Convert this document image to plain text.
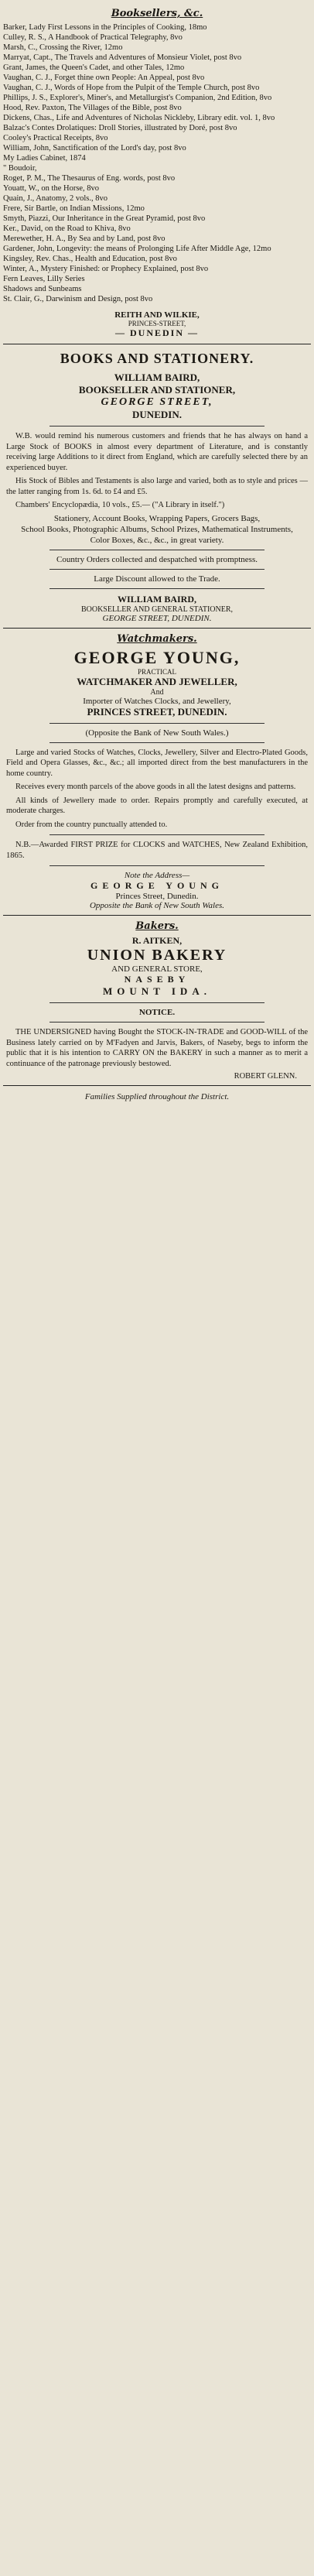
Booksellers, &c.
Barker, Lady First Lessons in the Principles of Cooking, 18mo
Culley, R. S., A Handbook of Practical Telegraphy, 8vo
Marsh, C., Crossing the River, 12mo
Marryat, Capt., The Travels and Adventures of Monsieur Violet, post 8vo
Grant, James, the Queen's Cadet, and other Tales, 12mo
Vaughan, C. J., Forget thine own People: An Appeal, post 8vo
Vaughan, C. J., Words of Hope from the Pulpit of the Temple Church, post 8vo
Phillips, J. S., Explorer's, Miner's, and Metallurgist's Companion, 2nd Edition, 8vo
Hood, Rev. Paxton, The Villages of the Bible, post 8vo
Dickens, Chas., Life and Adventures of Nicholas Nickleby, Library edit. vol. 1, 8vo
Balzac's Contes Drolatiques: Droll Stories, illustrated by Doré, post 8vo
Cooley's Practical Receipts, 8vo
William, John, Sanctification of the Lord's day, post 8vo
My Ladies Cabinet, 1874
" Boudoir,
Roget, P. M., The Thesaurus of Eng. words, post 8vo
Youatt, W., on the Horse, 8vo
Quain, J., Anatomy, 2 vols., 8vo
Frere, Sir Bartle, on Indian Missions, 12mo
Smyth, Piazzi, Our Inheritance in the Great Pyramid, post 8vo
Ker., David, on the Road to Khiva, 8vo
Merewether, H. A., By Sea and by Land, post 8vo
Gardener, John, Longevity: the means of Prolonging Life After Middle Age, 12mo
Kingsley, Rev. Chas., Health and Education, post 8vo
Winter, A., Mystery Finished: or Prophecy Explained, post 8vo
Fern Leaves, Lilly Series
Shadows and Sunbeams
St. Clair, G., Darwinism and Design, post 8vo
REITH AND WILKIE,
PRINCES-STREET,
— DUNEDIN —
BOOKS AND STATIONERY.
WILLIAM BAIRD,
BOOKSELLER AND STATIONER,
GEORGE STREET,
DUNEDIN.

W.B. would remind his numerous customers and friends that he has always on hand a Large Stock of BOOKS in almost every department of Literature, and is constantly receiving large Additions to it direct from England, which are carefully selected there by an experienced buyer.

His Stock of Bibles and Testaments is also large and varied, both as to style and prices —the latter ranging from 1s. 6d. to £4 and £5.

Chambers' Encyclopædia, 10 vols., £5.— ("A Library in itself.")

Stationery, Account Books, Wrapping Papers, Grocers Bags,

School Books, Photographic Albums, School Prizes, Mathematical Instruments,

Color Boxes, &c., &c., in great variety.

Country Orders collected and despatched with promptness.

Large Discount allowed to the Trade.

WILLIAM BAIRD,
BOOKSELLER AND GENERAL STATIONER,
GEORGE STREET, DUNEDIN.
Watchmakers.
GEORGE YOUNG,
PRACTICAL
WATCHMAKER AND JEWELLER,
And
Importer of Watches Clocks, and Jewellery,
PRINCES STREET, DUNEDIN.
(Opposite the Bank of New South Wales.)

Large and varied Stocks of Watches, Clocks, Jewellery, Silver and Electro-Plated Goods, Field and Opera Glasses, &c., &c.; all imported direct from the best manufacturers in the home country.

Receives every month parcels of the above goods in all the latest designs and patterns.

All kinds of Jewellery made to order. Repairs promptly and carefully executed, at moderate charges.

Order from the country punctually attended to.

N.B.—Awarded FIRST PRIZE for CLOCKS and WATCHES, New Zealand Exhibition, 1865.

Note the Address—
GEORGE YOUNG
Princes Street, Dunedin.
Opposite the Bank of New South Wales.
Bakers.
R. AITKEN,
UNION BAKERY
AND GENERAL STORE,
NASEBY
MOUNT IDA.
NOTICE.

THE UNDERSIGNED having Bought the STOCK-IN-TRADE and GOOD-WILL of the Business lately carried on by M'Fadyen and Jarvis, Bakers, of Naseby, begs to inform the public that it is his intention to CARRY ON the BAKERY in such a manner as to merit a continuance of the patronage previously bestowed.

ROBERT GLENN.
Families Supplied throughout the District.
